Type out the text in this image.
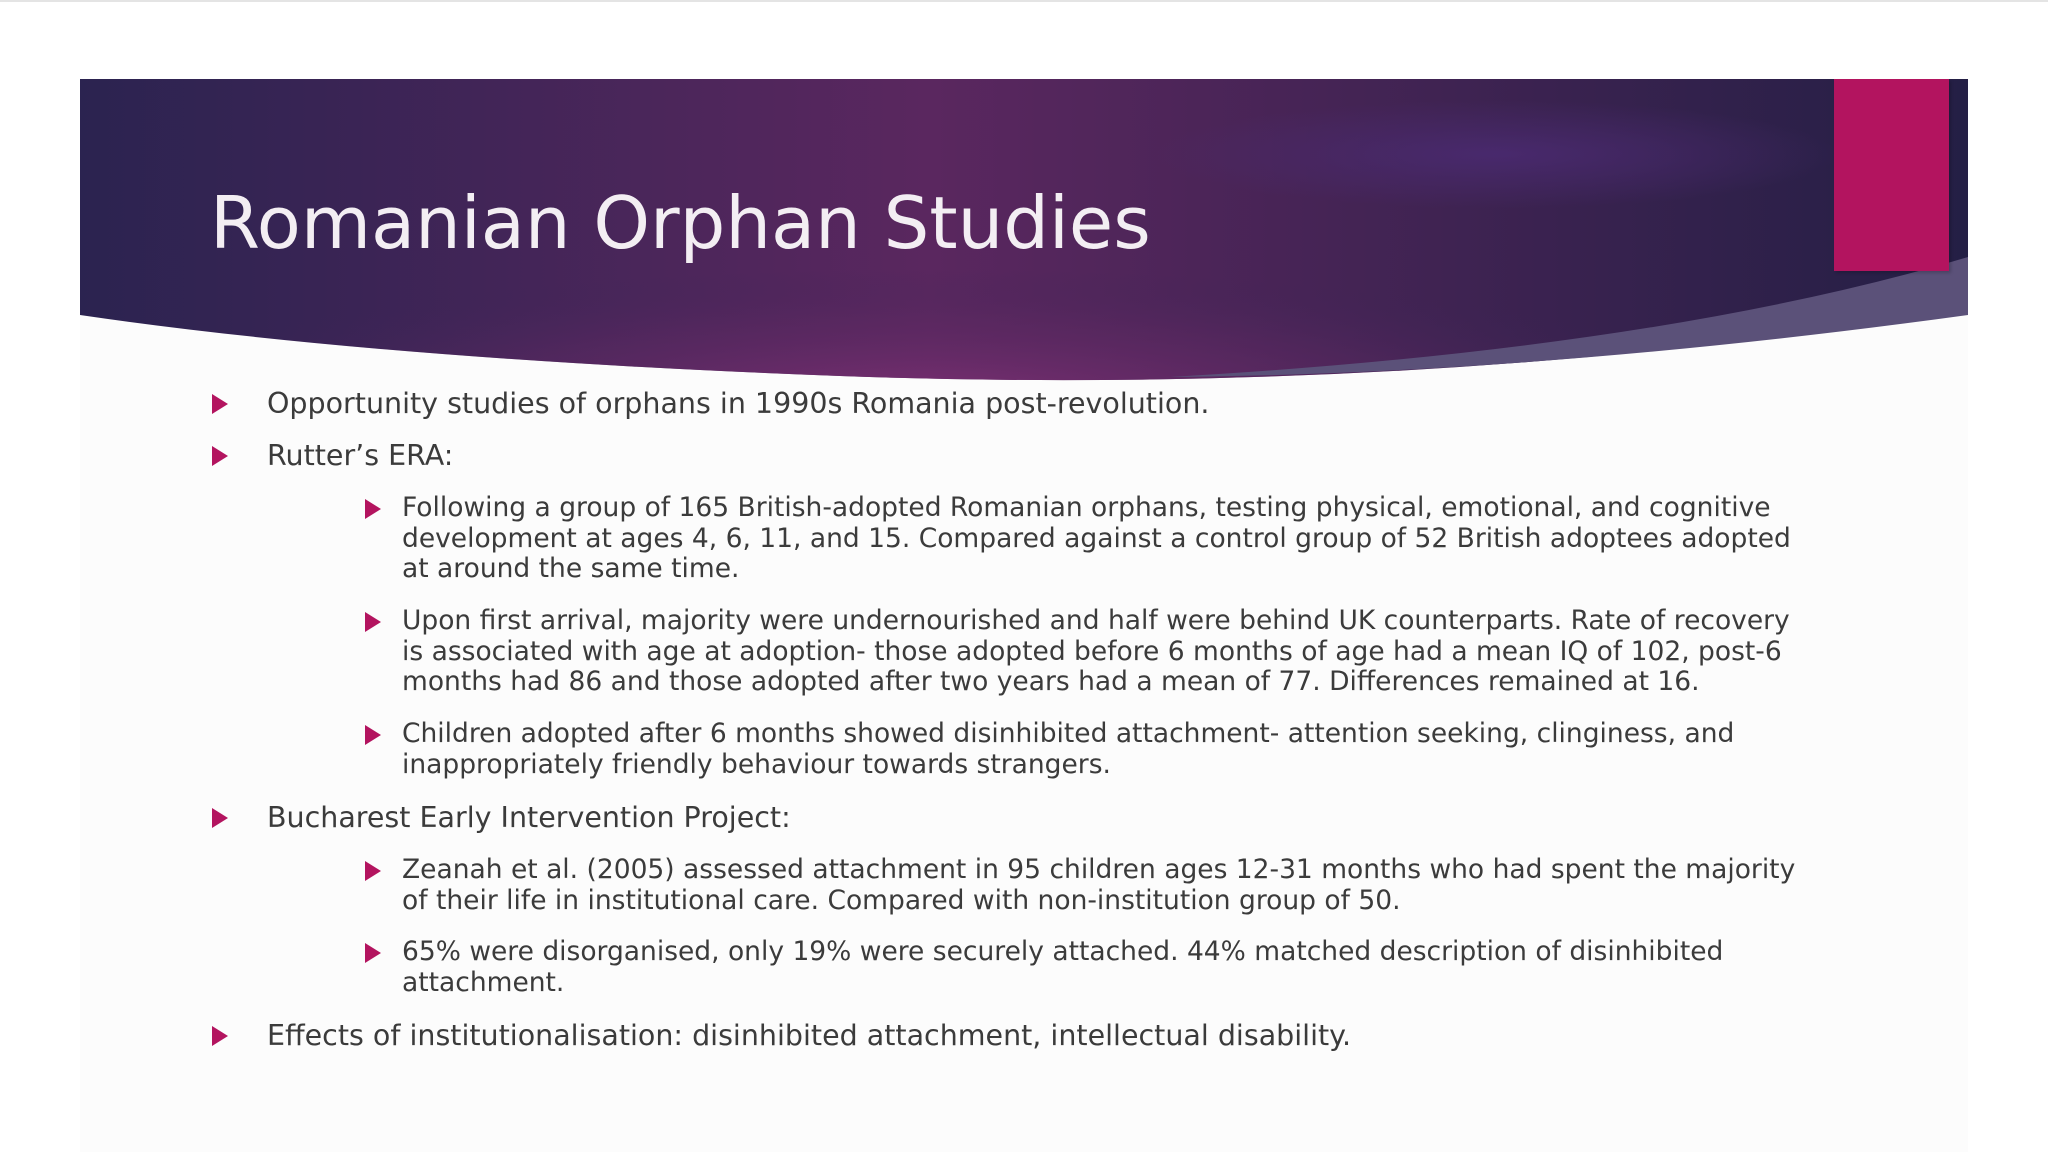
Romanian Orphan Studies
Opportunity studies of orphans in 1990s Romania post-revolution.
Rutter’s ERA:
Following a group of 165 British-adopted Romanian orphans, testing physical, emotional, and cognitive
development at ages 4, 6, 11, and 15. Compared against a control group of 52 British adoptees adopted
at around the same time.
Upon first arrival, majority were undernourished and half were behind UK counterparts. Rate of recovery
is associated with age at adoption- those adopted before 6 months of age had a mean IQ of 102, post-6
months had 86 and those adopted after two years had a mean of 77. Differences remained at 16.
Children adopted after 6 months showed disinhibited attachment- attention seeking, clinginess, and
inappropriately friendly behaviour towards strangers.
Bucharest Early Intervention Project:
Zeanah et al. (2005) assessed attachment in 95 children ages 12-31 months who had spent the majority
of their life in institutional care. Compared with non-institution group of 50.
65% were disorganised, only 19% were securely attached. 44% matched description of disinhibited
attachment.
Effects of institutionalisation: disinhibited attachment, intellectual disability.
